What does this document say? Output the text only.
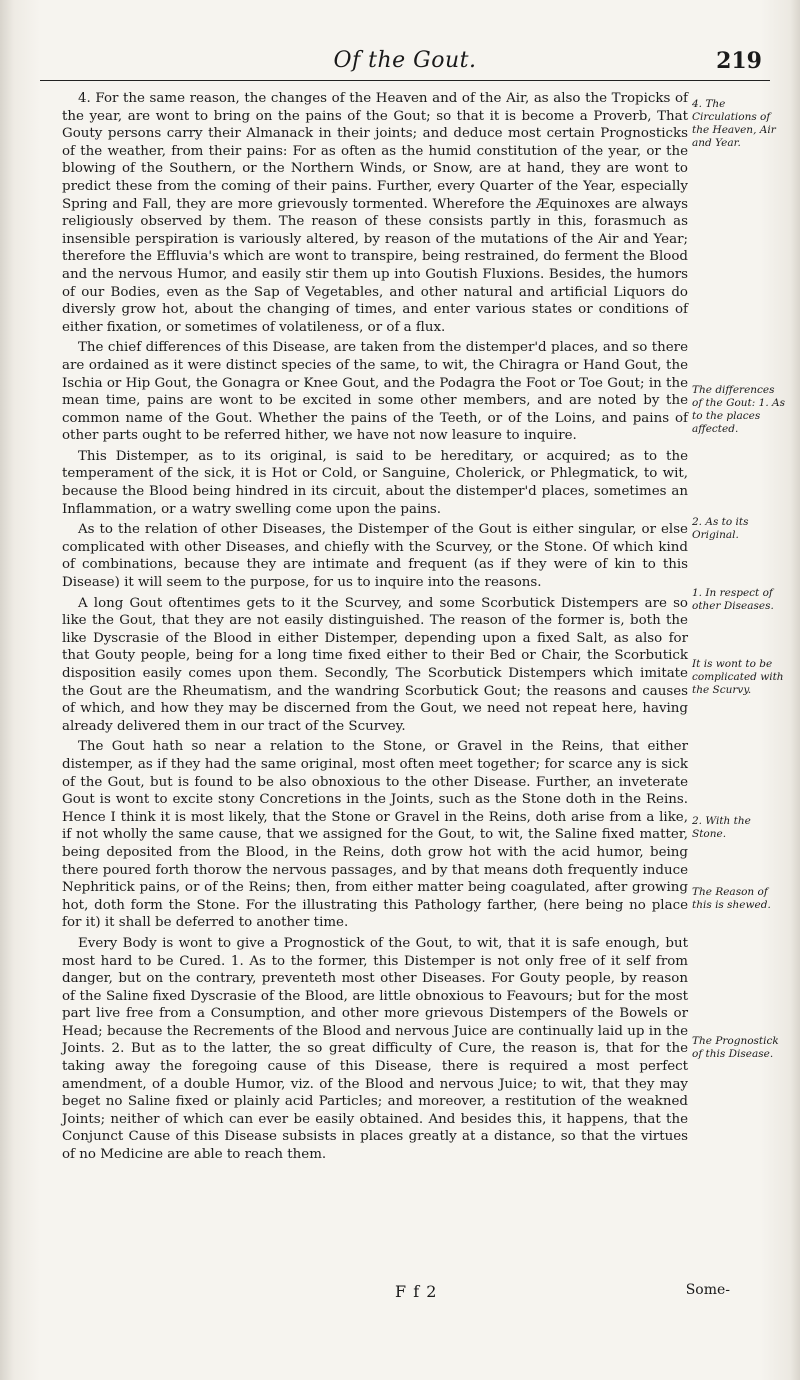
Of the Gout.	219

4. For the same reason, the changes of the Heaven and of the Air, as also the Tropicks of the year, are wont to bring on the pains of the Gout; so that it is become a Proverb, That Gouty persons carry their Almanack in their joints; and deduce most certain Prognosticks of the weather, from their pains: For as often as the humid constitution of the year, or the blowing of the Southern, or the Northern Winds, or Snow, are at hand, they are wont to predict these from the coming of their pains. Further, every Quarter of the Year, especially Spring and Fall, they are more grievously tormented. Wherefore the Æquinoxes are always religiously observed by them. The reason of these consists partly in this, forasmuch as insensible perspiration is variously altered, by reason of the mutations of the Air and Year; therefore the Effluvia's which are wont to transpire, being restrained, do ferment the Blood and the nervous Humor, and easily stir them up into Goutish Fluxions. Besides, the humors of our Bodies, even as the Sap of Vegetables, and other natural and artificial Liquors do diversly grow hot, about the changing of times, and enter various states or conditions of either fixation, or sometimes of volatileness, or of a flux.

The chief differences of this Disease, are taken from the distemper'd places, and so there are ordained as it were distinct species of the same, to wit, the Chiragra or Hand Gout, the Ischia or Hip Gout, the Gonagra or Knee Gout, and the Podagra the Foot or Toe Gout; in the mean time, pains are wont to be excited in some other members, and are noted by the common name of the Gout. Whether the pains of the Teeth, or of the Loins, and pains of other parts ought to be referred hither, we have not now leasure to inquire.

This Distemper, as to its original, is said to be hereditary, or acquired; as to the temperament of the sick, it is Hot or Cold, or Sanguine, Cholerick, or Phlegmatick, to wit, because the Blood being hindred in its circuit, about the distemper'd places, sometimes an Inflammation, or a watry swelling come upon the pains.

As to the relation of other Diseases, the Distemper of the Gout is either singular, or else complicated with other Diseases, and chiefly with the Scurvey, or the Stone. Of which kind of combinations, because they are intimate and frequent (as if they were of kin to this Disease) it will seem to the purpose, for us to inquire into the reasons.

A long Gout oftentimes gets to it the Scurvey, and some Scorbutick Distempers are so like the Gout, that they are not easily distinguished. The reason of the former is, both the like Dyscrasie of the Blood in either Distemper, depending upon a fixed Salt, as also for that Gouty people, being for a long time fixed either to their Bed or Chair, the Scorbutick disposition easily comes upon them. Secondly, The Scorbutick Distempers which imitate the Gout are the Rheumatism, and the wandring Scorbutick Gout; the reasons and causes of which, and how they may be discerned from the Gout, we need not repeat here, having already delivered them in our tract of the Scurvey.

The Gout hath so near a relation to the Stone, or Gravel in the Reins, that either distemper, as if they had the same original, most often meet together; for scarce any is sick of the Gout, but is found to be also obnoxious to the other Disease. Further, an inveterate Gout is wont to excite stony Concretions in the Joints, such as the Stone doth in the Reins. Hence I think it is most likely, that the Stone or Gravel in the Reins, doth arise from a like, if not wholly the same cause, that we assigned for the Gout, to wit, the Saline fixed matter, being deposited from the Blood, in the Reins, doth grow hot with the acid humor, being there poured forth thorow the nervous passages, and by that means doth frequently induce Nephritick pains, or of the Reins; then, from either matter being coagulated, after growing hot, doth form the Stone. For the illustrating this Pathology farther, (here being no place for it) it shall be deferred to another time.

Every Body is wont to give a Prognostick of the Gout, to wit, that it is safe enough, but most hard to be Cured. 1. As to the former, this Distemper is not only free of it self from danger, but on the contrary, preventeth most other Diseases. For Gouty people, by reason of the Saline fixed Dyscrasie of the Blood, are little obnoxious to Feavours; but for the most part live free from a Consumption, and other more grievous Distempers of the Bowels or Head; because the Recrements of the Blood and nervous Juice are continually laid up in the Joints. 2. But as to the latter, the so great difficulty of Cure, the reason is, that for the taking away the foregoing cause of this Disease, there is required a most perfect amendment, of a double Humor, viz. of the Blood and nervous Juice; to wit, that they may beget no Saline fixed or plainly acid Particles; and moreover, a restitution of the weakned Joints; neither of which can ever be easily obtained. And besides this, it happens, that the Conjunct Cause of this Disease subsists in places greatly at a distance, so that the virtues of no Medicine are able to reach them.

4. The Circulations of the Heaven, Air and Year.
The differences of the Gout: 1. As to the places affected.
2. As to its Original.
1. In respect of other Diseases.
It is wont to be complicated with the Scurvy.
2. With the Stone.
The Reason of this is shewed.
The Prognostick of this Disease.
F f 2	Some-
